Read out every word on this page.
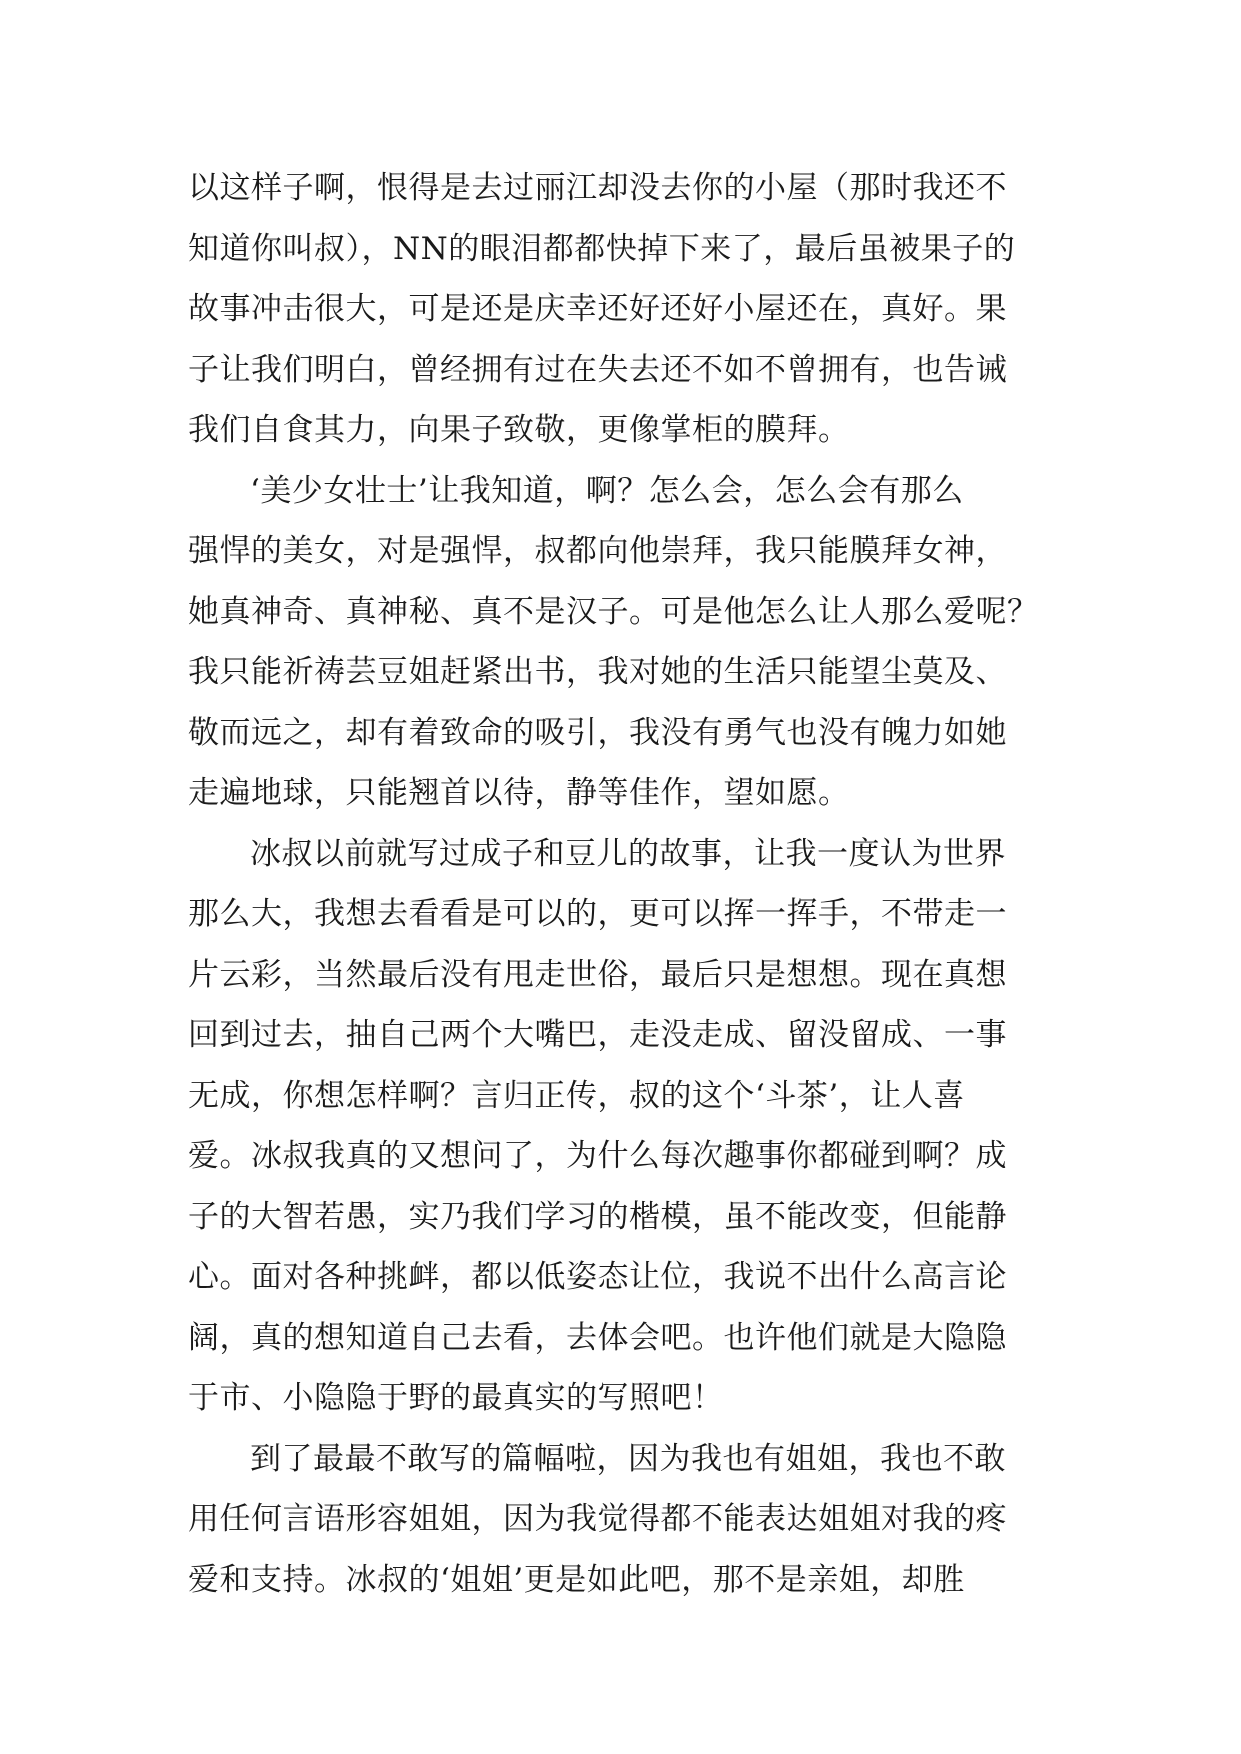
以这样子啊，恨得是去过丽江却没去你的小屋（那时我还不
知道你叫叔），NN的眼泪都都快掉下来了，最后虽被果子的
故事冲击很大，可是还是庆幸还好还好小屋还在，真好。果
子让我们明白，曾经拥有过在失去还不如不曾拥有，也告诫
我们自食其力，向果子致敬，更像掌柜的膜拜。
‘美少女壮士’让我知道，啊？怎么会，怎么会有那么
强悍的美女，对是强悍，叔都向他崇拜，我只能膜拜女神，
她真神奇、真神秘、真不是汉子。可是他怎么让人那么爱呢？
我只能祈祷芸豆姐赶紧出书，我对她的生活只能望尘莫及、
敬而远之，却有着致命的吸引，我没有勇气也没有魄力如她
走遍地球，只能翘首以待，静等佳作，望如愿。
冰叔以前就写过成子和豆儿的故事，让我一度认为世界
那么大，我想去看看是可以的，更可以挥一挥手，不带走一
片云彩，当然最后没有甩走世俗，最后只是想想。现在真想
回到过去，抽自己两个大嘴巴，走没走成、留没留成、一事
无成，你想怎样啊？言归正传，叔的这个‘斗茶’，让人喜
爱。冰叔我真的又想问了，为什么每次趣事你都碰到啊？成
子的大智若愚，实乃我们学习的楷模，虽不能改变，但能静
心。面对各种挑衅，都以低姿态让位，我说不出什么高言论
阔，真的想知道自己去看，去体会吧。也许他们就是大隐隐
于市、小隐隐于野的最真实的写照吧！
到了最最不敢写的篇幅啦，因为我也有姐姐，我也不敢
用任何言语形容姐姐，因为我觉得都不能表达姐姐对我的疼
爱和支持。冰叔的‘姐姐’更是如此吧，那不是亲姐，却胜
